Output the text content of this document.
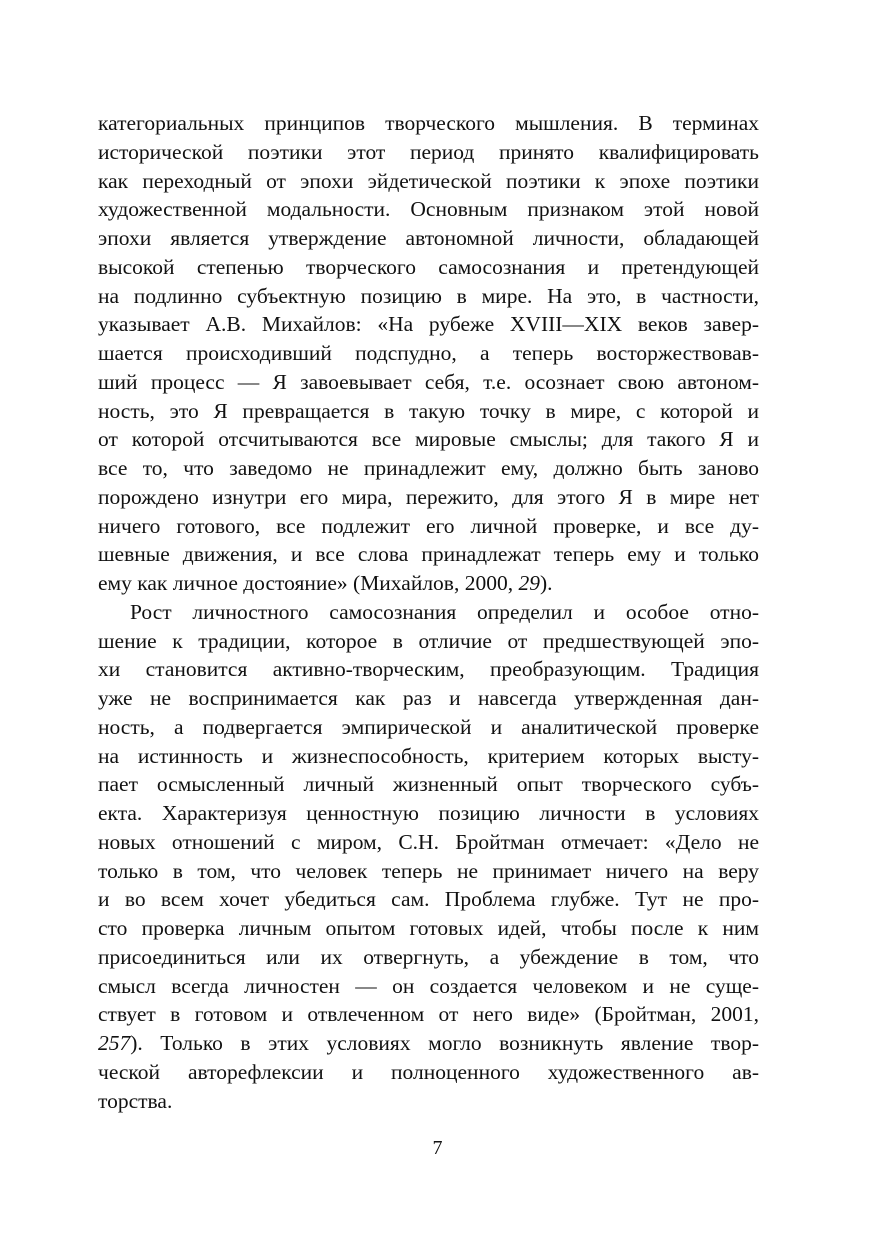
категориальных принципов творческого мышления. В терминах
исторической поэтики этот период принято квалифицировать
как переходный от эпохи эйдетической поэтики к эпохе поэтики
художественной модальности. Основным признаком этой новой
эпохи является утверждение автономной личности, обладающей
высокой степенью творческого самосознания и претендующей
на подлинно субъектную позицию в мире. На это, в частности,
указывает А.В. Михайлов: «На рубеже XVIII—XIX веков завер-
шается происходивший подспудно, а теперь восторжествовав-
ший процесс — Я завоевывает себя, т.е. осознает свою автоном-
ность, это Я превращается в такую точку в мире, с которой и
от которой отсчитываются все мировые смыслы; для такого Я и
все то, что заведомо не принадлежит ему, должно быть заново
порождено изнутри его мира, пережито, для этого Я в мире нет
ничего готового, все подлежит его личной проверке, и все ду-
шевные движения, и все слова принадлежат теперь ему и только
ему как личное достояние» (Михайлов, 2000, 29).
Рост личностного самосознания определил и особое отно-
шение к традиции, которое в отличие от предшествующей эпо-
хи становится активно-творческим, преобразующим. Традиция
уже не воспринимается как раз и навсегда утвержденная дан-
ность, а подвергается эмпирической и аналитической проверке
на истинность и жизнеспособность, критерием которых высту-
пает осмысленный личный жизненный опыт творческого субъ-
екта. Характеризуя ценностную позицию личности в условиях
новых отношений с миром, С.Н. Бройтман отмечает: «Дело не
только в том, что человек теперь не принимает ничего на веру
и во всем хочет убедиться сам. Проблема глубже. Тут не про-
сто проверка личным опытом готовых идей, чтобы после к ним
присоединиться или их отвергнуть, а убеждение в том, что
смысл всегда личностен — он создается человеком и не суще-
ствует в готовом и отвлеченном от него виде» (Бройтман, 2001,
257). Только в этих условиях могло возникнуть явление твор-
ческой авторефлексии и полноценного художественного ав-
торства.
7
